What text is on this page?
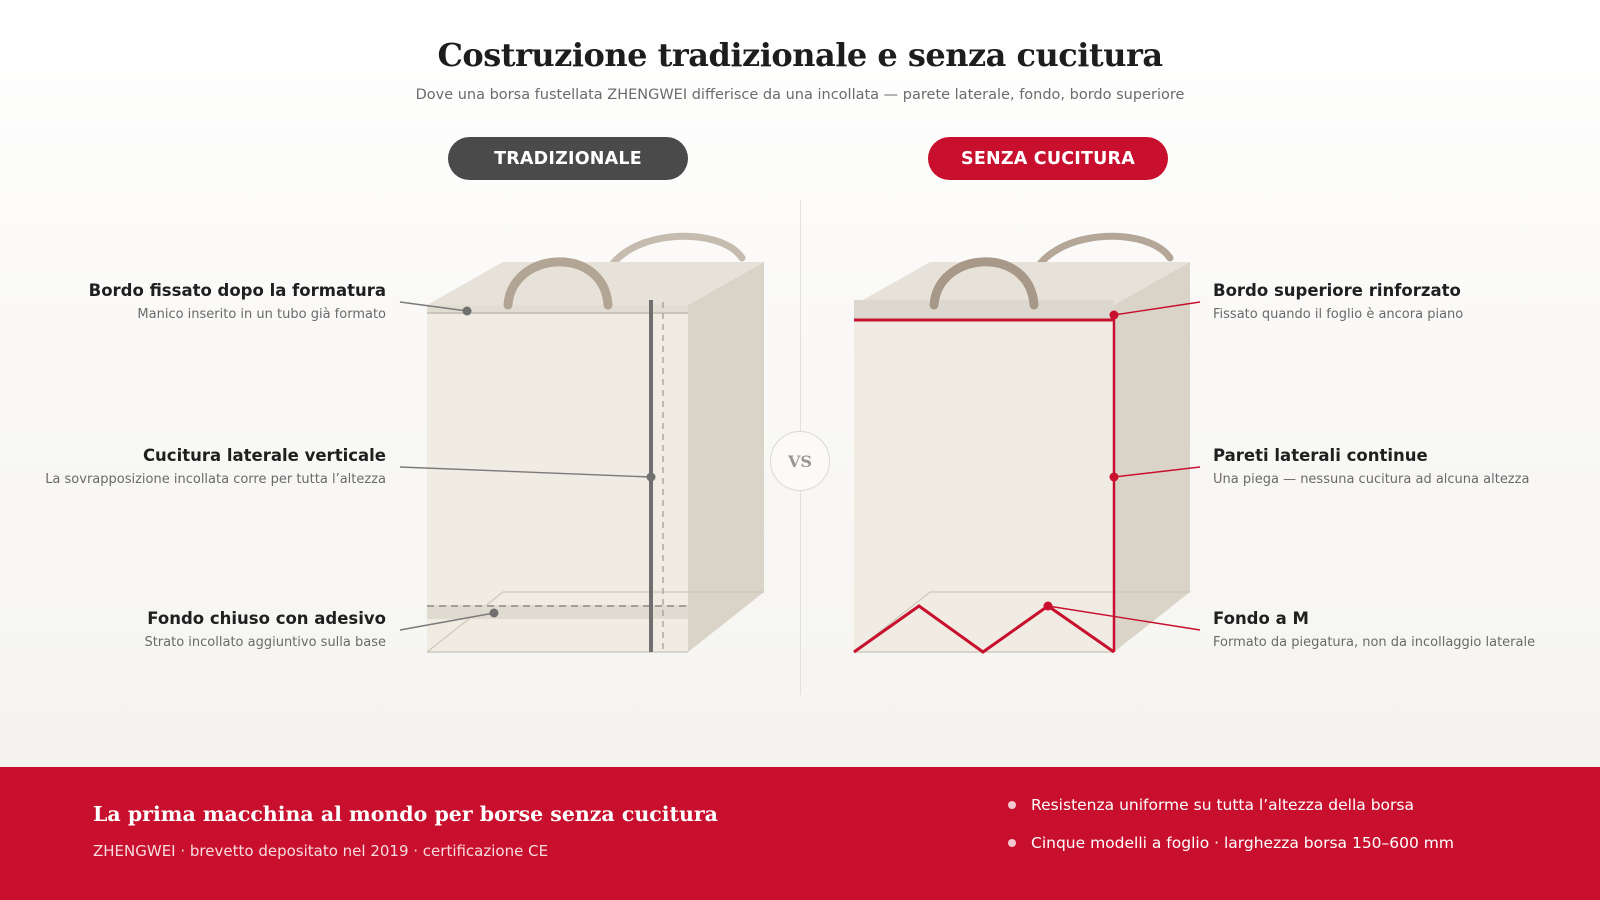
Costruzione tradizionale e senza cucitura
Dove una borsa fustellata ZHENGWEI differisce da una incollata — parete laterale, fondo, bordo superiore
TRADIZIONALE	SENZA CUCITURA
VS
Bordo fissato dopo la formatura
Manico inserito in un tubo già formato
Cucitura laterale verticale
La sovrapposizione incollata corre per tutta l’altezza
Fondo chiuso con adesivo
Strato incollato aggiuntivo sulla base
Bordo superiore rinforzato
Fissato quando il foglio è ancora piano
Pareti laterali continue
Una piega — nessuna cucitura ad alcuna altezza
Fondo a M
Formato da piegatura, non da incollaggio laterale
La prima macchina al mondo per borse senza cucitura
ZHENGWEI · brevetto depositato nel 2019 · certificazione CE
Resistenza uniforme su tutta l’altezza della borsa
Cinque modelli a foglio · larghezza borsa 150–600 mm
